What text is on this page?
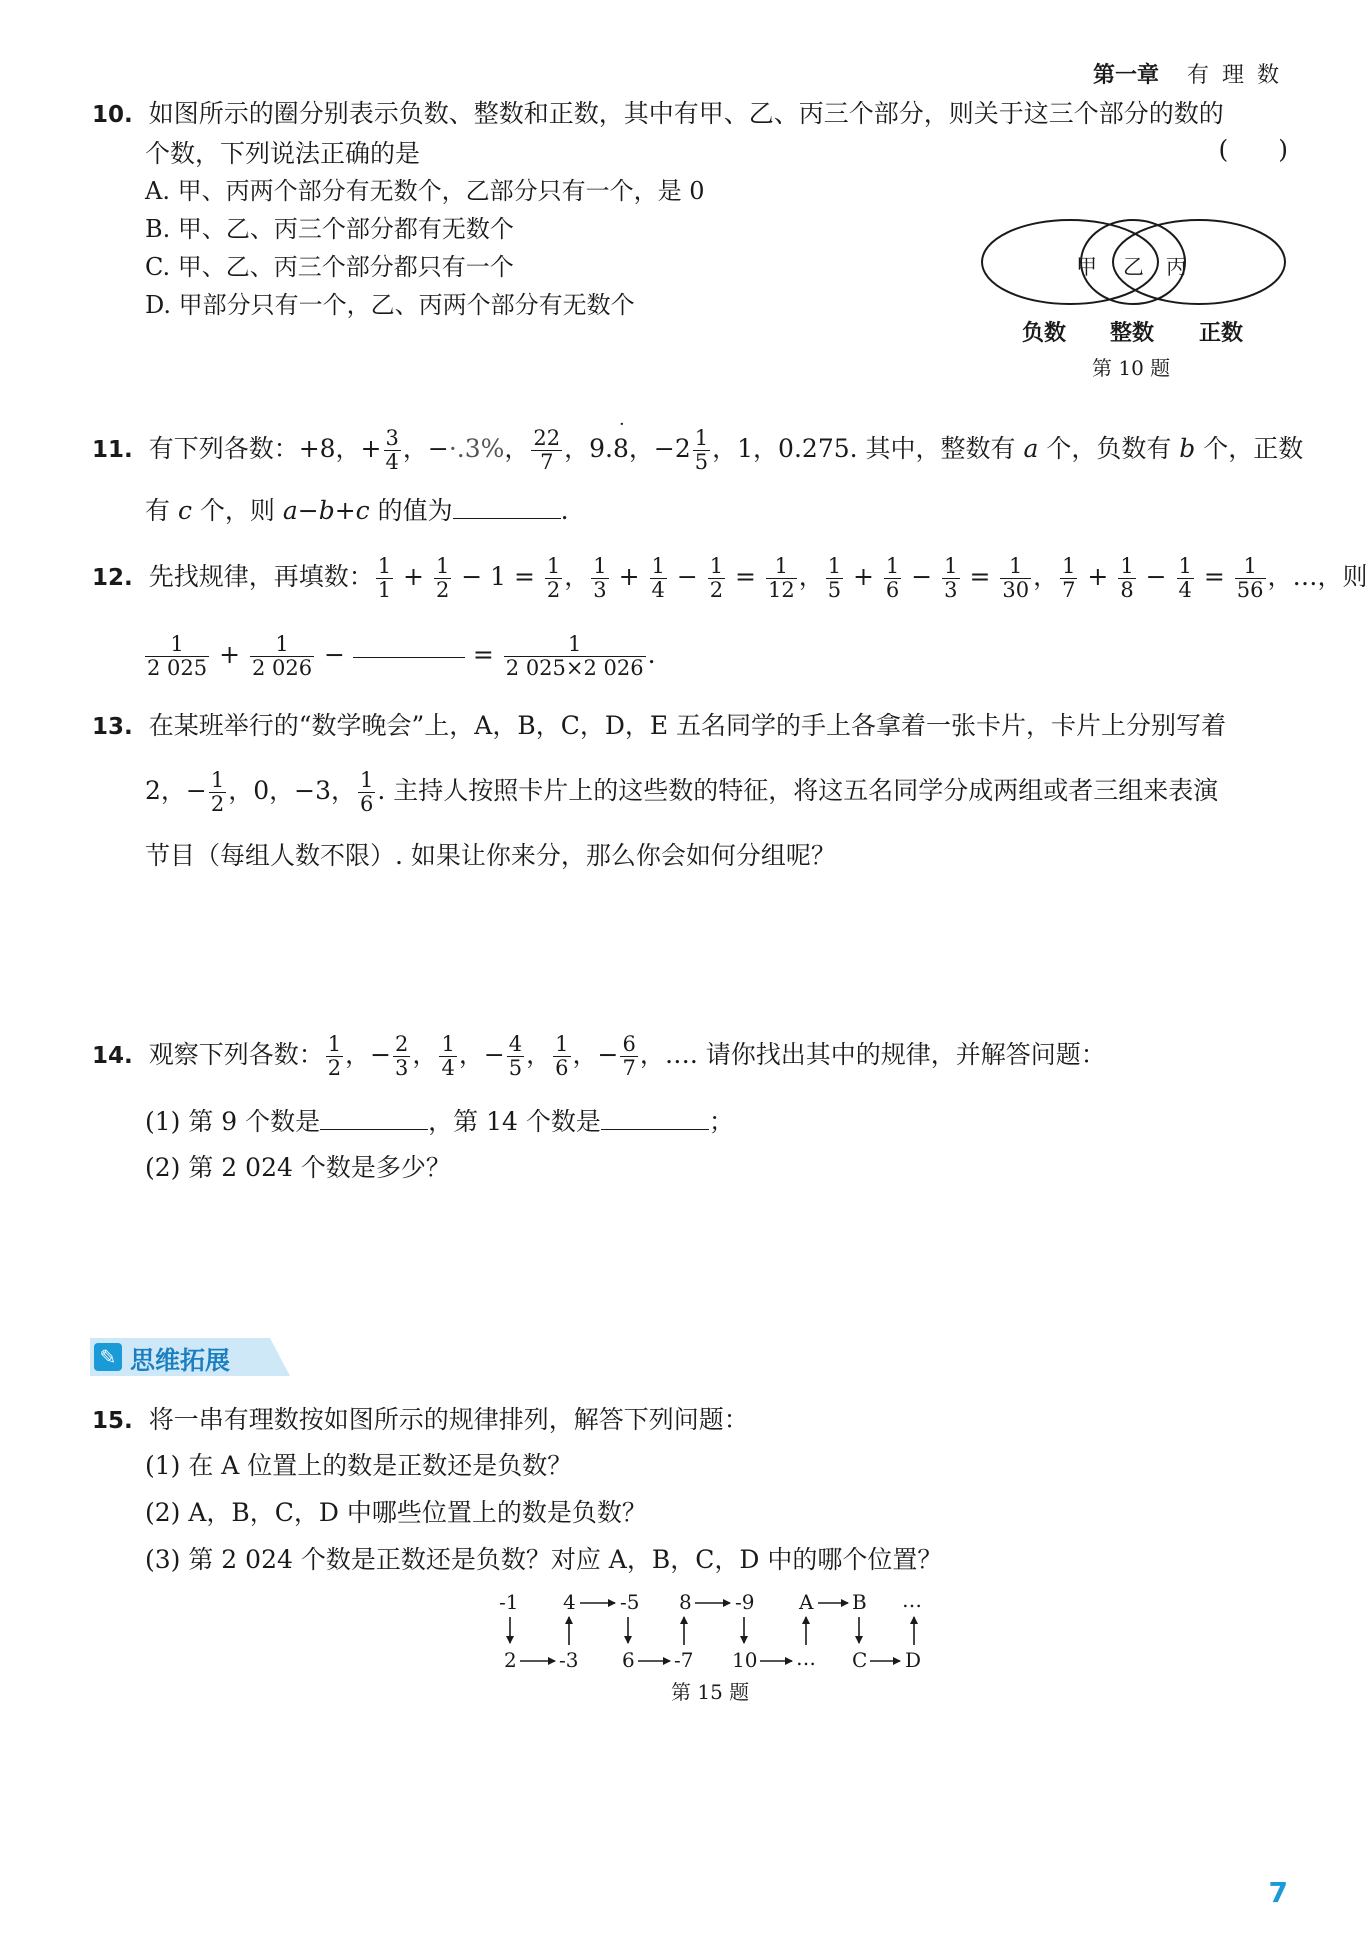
第一章 有 理 数
10. 如图所示的圈分别表示负数、整数和正数，其中有甲、乙、丙三个部分，则关于这三个部分的数的
个数，下列说法正确的是	(　　)
A. 甲、丙两个部分有无数个，乙部分只有一个，是 0
B. 甲、乙、丙三个部分都有无数个
C. 甲、乙、丙三个部分都只有一个
D. 甲部分只有一个，乙、丙两个部分有无数个
甲 乙 丙
负数 整数 正数
第 10 题
11. 有下列各数：+8，+ $\frac{3}{4}$ ，−·.3%， $\frac{22}{7}$ ，9.8
·
，$-2 \frac{1}{5}$ ，1，0.275. 其中，整数有 a 个，负数有 b 个，正数
有 c 个，则 a−b+c 的值为	.
12. 先找规律，再填数： $\frac{1}{1} + \frac{1}{2} - 1 = \frac{1}{2}$ ， $\frac{1}{3} + \frac{1}{4} - \frac{1}{2} = \frac{1}{12}$ ， $\frac{1}{5} + \frac{1}{6} - \frac{1}{3} = \frac{1}{30}$ ， $\frac{1}{7} + \frac{1}{8} - \frac{1}{4} = \frac{1}{56}$ ，…，则
$\frac{1}{2 025} + \frac{1}{2 026}$ −	= $\frac{1}{2 025\times 2 026}$ .
13. 在某班举行的“数学晚会”上，A，B，C，D，E 五名同学的手上各拿着一张卡片，卡片上分别写着
2，− $\frac{1}{2}$ ，0，−3， $\frac{1}{6}$ . 主持人按照卡片上的这些数的特征，将这五名同学分成两组或者三组来表演
节目（每组人数不限）. 如果让你来分，那么你会如何分组呢？
14. 观察下列各数： $\frac{1}{2}$ ，− $\frac{2}{3}$ ， $\frac{1}{4}$ ，− $\frac{4}{5}$ ， $\frac{1}{6}$ ，− $\frac{6}{7}$ ，…. 请你找出其中的规律，并解答问题：
(1) 第 9 个数是	，第 14 个数是	；
(2) 第 2 024 个数是多少？
✎ 思维拓展
15. 将一串有理数按如图所示的规律排列，解答下列问题：
(1) 在 A 位置上的数是正数还是负数？
(2) A，B，C，D 中哪些位置上的数是负数？
(3) 第 2 024 个数是正数还是负数？对应 A，B，C，D 中的哪个位置？
-1 4 -5 8 -9 A B …
2 -3 6 -7 10 … C D
第 15 题
7
